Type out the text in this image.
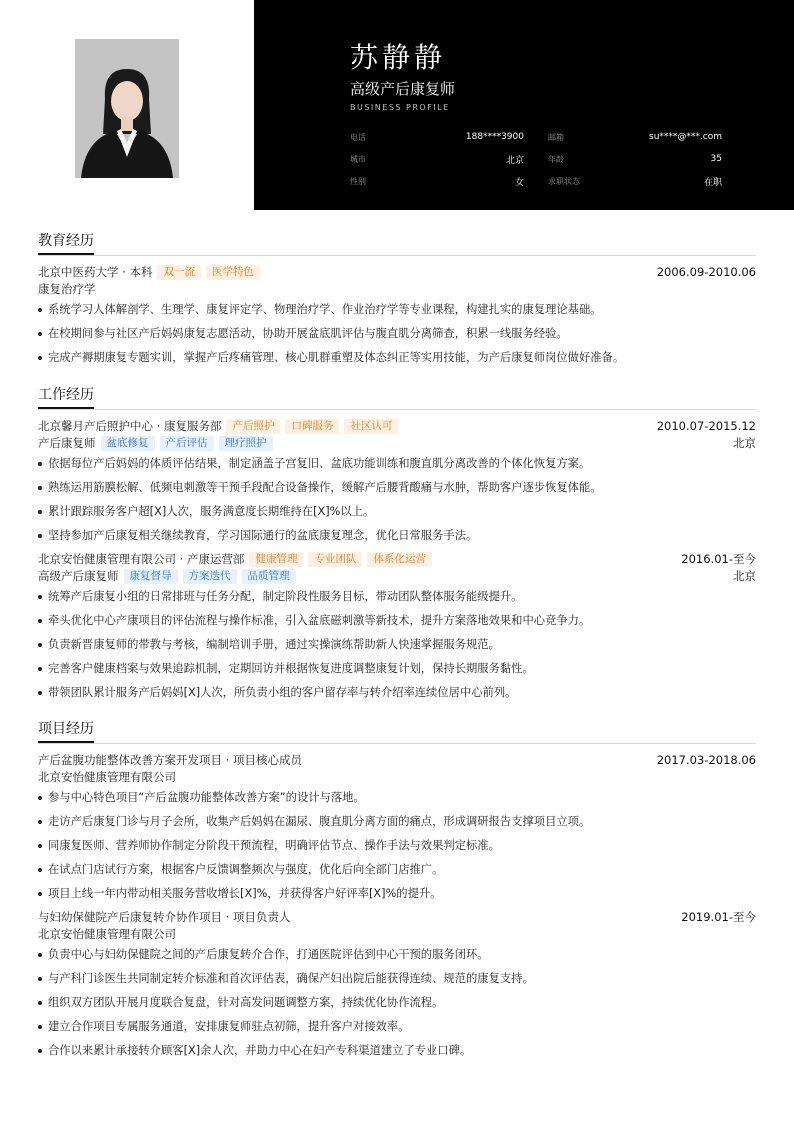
苏静静
高级产后康复师
BUSINESS PROFILE
电话	188****3900	邮箱	su****@***.com
城市	北京	年龄	35
性别	女	求职状态	在职
教育经历
北京中医药大学 · 本科	双一流	医学特色	2006.09-2010.06
康复治疗学
系统学习人体解剖学、生理学、康复评定学、物理治疗学、作业治疗学等专业课程，构建扎实的康复理论基础。
在校期间参与社区产后妈妈康复志愿活动，协助开展盆底肌评估与腹直肌分离筛查，积累一线服务经验。
完成产褥期康复专题实训，掌握产后疼痛管理、核心肌群重塑及体态纠正等实用技能，为产后康复师岗位做好准备。
工作经历
北京馨月产后照护中心 · 康复服务部	产后照护	口碑服务	社区认可	2010.07-2015.12
产后康复师	盆底修复	产后评估	理疗照护	北京
依据每位产后妈妈的体质评估结果，制定涵盖子宫复旧、盆底功能训练和腹直肌分离改善的个体化恢复方案。
熟练运用筋膜松解、低频电刺激等干预手段配合设备操作，缓解产后腰背酸痛与水肿，帮助客户逐步恢复体能。
累计跟踪服务客户超[X]人次，服务满意度长期维持在[X]%以上。
坚持参加产后康复相关继续教育，学习国际通行的盆底康复理念，优化日常服务手法。
北京安怡健康管理有限公司 · 产康运营部	健康管理	专业团队	体系化运营	2016.01-至今
高级产后康复师	康复督导	方案迭代	品质管理	北京
统筹产后康复小组的日常排班与任务分配，制定阶段性服务目标，带动团队整体服务能级提升。
牵头优化中心产康项目的评估流程与操作标准，引入盆底磁刺激等新技术，提升方案落地效果和中心竞争力。
负责新晋康复师的带教与考核，编制培训手册，通过实操演练帮助新人快速掌握服务规范。
完善客户健康档案与效果追踪机制，定期回访并根据恢复进度调整康复计划，保持长期服务黏性。
带领团队累计服务产后妈妈[X]人次，所负责小组的客户留存率与转介绍率连续位居中心前列。
项目经历
产后盆腹功能整体改善方案开发项目 · 项目核心成员	2017.03-2018.06
北京安怡健康管理有限公司
参与中心特色项目“产后盆腹功能整体改善方案”的设计与落地。
走访产后康复门诊与月子会所，收集产后妈妈在漏尿、腹直肌分离方面的痛点，形成调研报告支撑项目立项。
同康复医师、营养师协作制定分阶段干预流程，明确评估节点、操作手法与效果判定标准。
在试点门店试行方案，根据客户反馈调整频次与强度，优化后向全部门店推广。
项目上线一年内带动相关服务营收增长[X]%，并获得客户好评率[X]%的提升。
与妇幼保健院产后康复转介协作项目 · 项目负责人	2019.01-至今
北京安怡健康管理有限公司
负责中心与妇幼保健院之间的产后康复转介合作，打通医院评估到中心干预的服务闭环。
与产科门诊医生共同制定转介标准和首次评估表，确保产妇出院后能获得连续、规范的康复支持。
组织双方团队开展月度联合复盘，针对高发问题调整方案，持续优化协作流程。
建立合作项目专属服务通道，安排康复师驻点初筛，提升客户对接效率。
合作以来累计承接转介顾客[X]余人次，并助力中心在妇产专科渠道建立了专业口碑。
